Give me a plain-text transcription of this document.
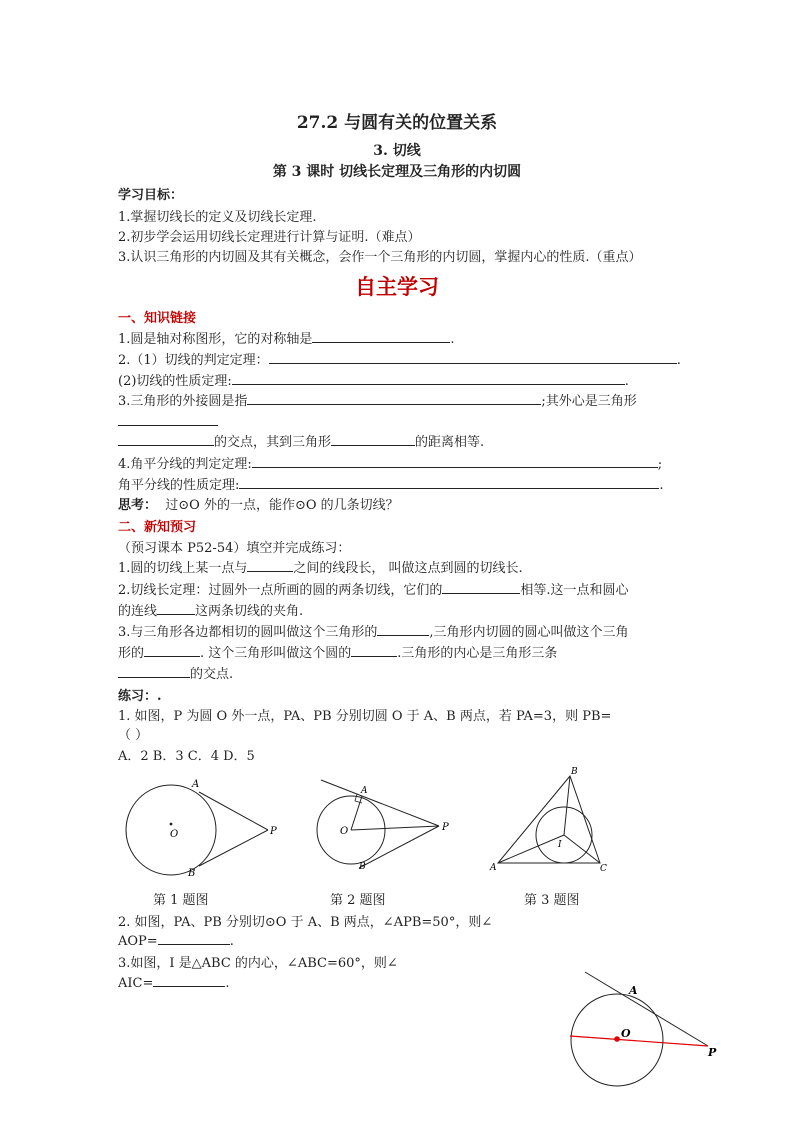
27.2 与圆有关的位置关系
3. 切线
第 3 课时 切线长定理及三角形的内切圆
学习目标：
1.掌握切线长的定义及切线长定理.
2.初步学会运用切线长定理进行计算与证明.（难点）
3.认识三角形的内切圆及其有关概念，会作一个三角形的内切圆，掌握内心的性质.（重点）
自主学习
一、知识链接
1.圆是轴对称图形，它的对称轴是	.
2.（1）切线的判定定理：	.
(2)切线的性质定理:	.
3.三角形的外接圆是指	;其外心是三角形
的交点，其到三角形	的距离相等.
4.角平分线的判定定理:	;
角平分线的性质定理:	.
思考： 过⊙O 外的一点，能作⊙O 的几条切线？
二、新知预习
（预习课本 P52-54）填空并完成练习：
1.圆的切线上某一点与	之间的线段长， 叫做这点到圆的切线长.
2.切线长定理：过圆外一点所画的圆的两条切线，它们的	相等.这一点和圆心
的连线	这两条切线的夹角.
3.与三角形各边都相切的圆叫做这个三角形的	,三角形内切圆的圆心叫做这个三角
形的	. 这个三角形叫做这个圆的	.三角形的内心是三角形三条
的交点.
练习：.
1. 如图，P 为圆 O 外一点，PA、PB 分别切圆 O 于 A、B 两点，若 PA=3，则 PB=
（ ）
A．2 B．3 C．4 D．5
A
O
B
P
A
O
B
P
B
A	C
I
第 1 题图	第 2 题图	第 3 题图
2. 如图，PA、PB 分别切⊙O 于 A、B 两点，∠APB=50°，则∠
AOP=	.
3.如图，I 是△ABC 的内心，∠ABC=60°，则∠
AIC=	.	A
O
P
